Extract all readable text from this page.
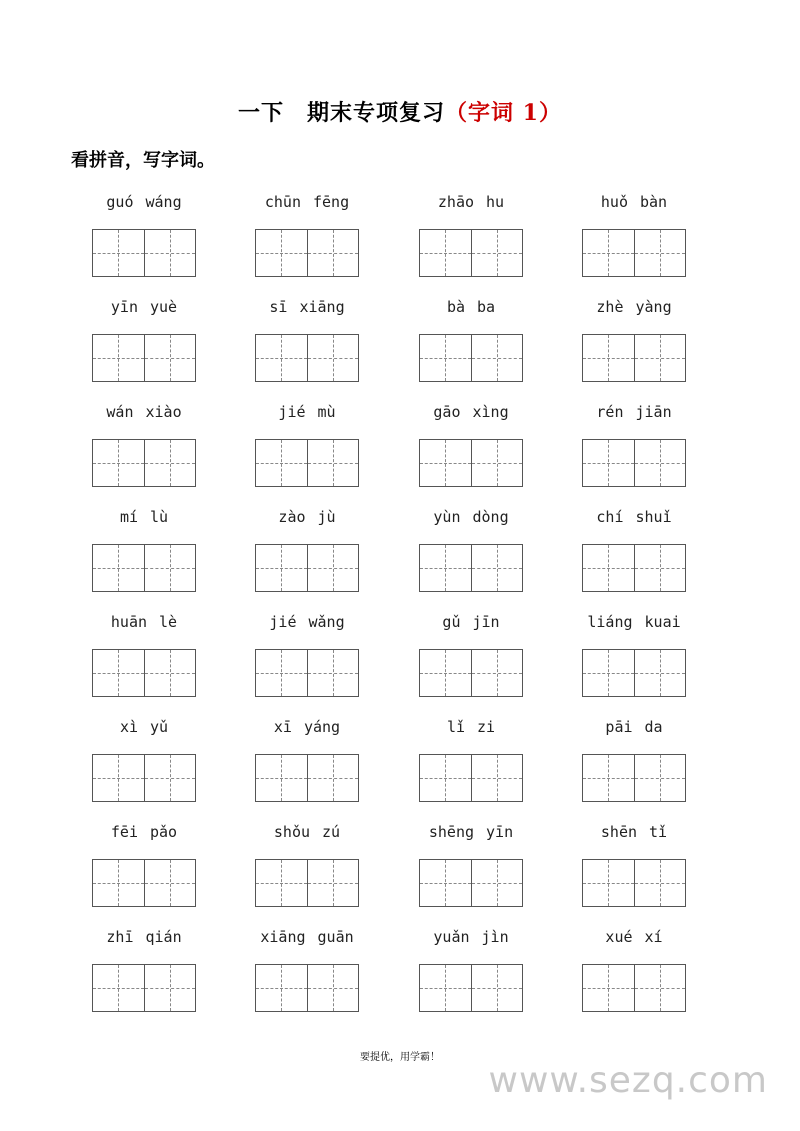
一下　期末专项复习（字词 1）
看拼音，写字词。
guó wáng	chūn fēng	zhāo hu	huǒ bàn
yīn yuè	sī xiāng	bà ba	zhè yàng
wán xiào	jié mù	gāo xìng	rén jiān
mí lù	zào jù	yùn dòng	chí shuǐ
huān lè	jié wǎng	gǔ jīn	liáng kuai
xì yǔ	xī yáng	lǐ zi	pāi da
fēi pǎo	shǒu zú	shēng yīn	shēn tǐ
zhī qián	xiāng guān	yuǎn jìn	xué xí
要提优，用学霸！
www.sezq.com
